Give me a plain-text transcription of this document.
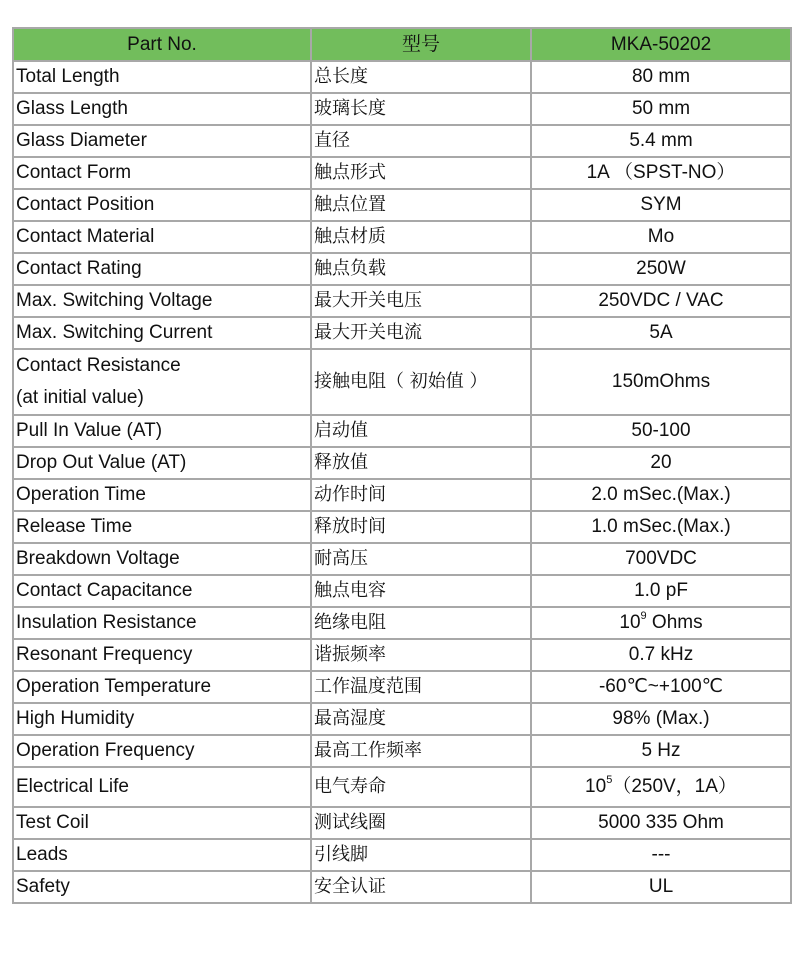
Part No.	型号	MKA-50202
Total Length	总长度	80 mm
Glass Length	玻璃长度	50 mm
Glass Diameter	直径	5.4 mm
Contact Form	触点形式	1A （SPST-NO）
Contact Position	触点位置	SYM
Contact Material	触点材质	Mo
Contact Rating	触点负载	250W
Max. Switching Voltage	最大开关电压	250VDC / VAC
Max. Switching Current	最大开关电流	5A
Contact Resistance
(at initial value)	接触电阻（ 初始值 ）	150mOhms
Pull In Value (AT)	启动值	50-100
Drop Out Value (AT)	释放值	20
Operation Time	动作时间	2.0 mSec.(Max.)
Release Time	释放时间	1.0 mSec.(Max.)
Breakdown Voltage	耐高压	700VDC
Contact Capacitance	触点电容	1.0 pF
Insulation Resistance	绝缘电阻	$10^9$ Ohms
Resonant Frequency	谐振频率	0.7 kHz
Operation Temperature	工作温度范围	-60℃~+100℃
High Humidity	最高湿度	98% (Max.)
Operation Frequency	最高工作频率	5 Hz
Electrical Life	电气寿命	$10^5(250V$，1A）
Test Coil	测试线圈	5000 335 Ohm
Leads	引线脚	---
Safety	安全认证	UL
